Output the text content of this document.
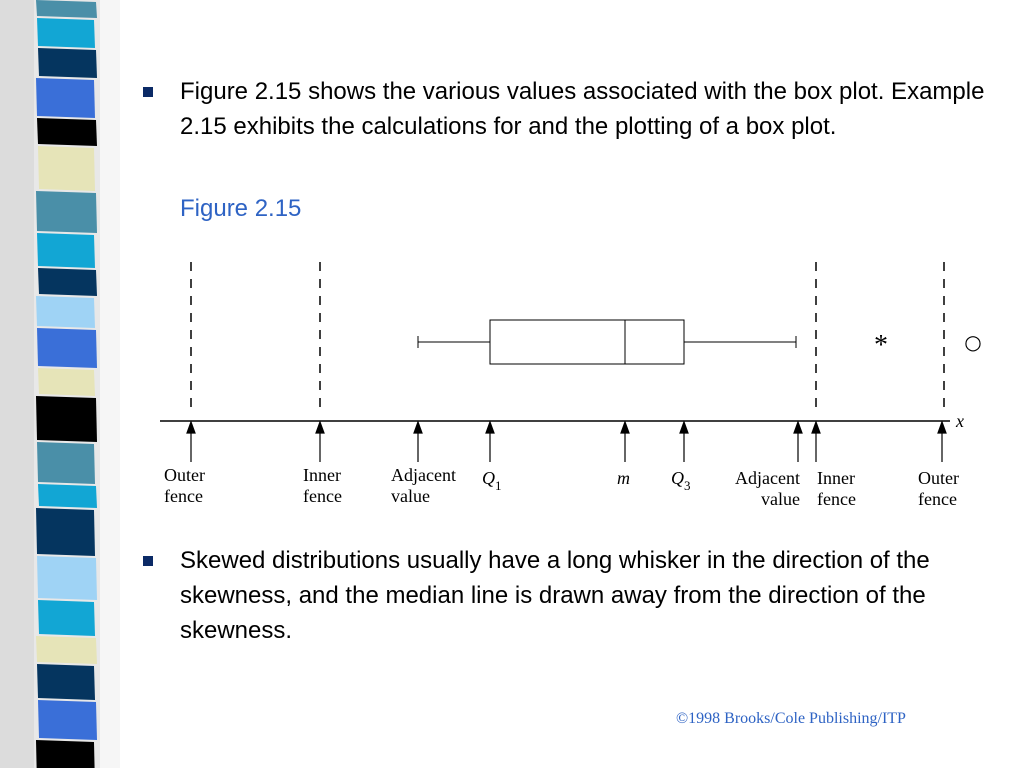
Figure 2.15 shows the various values associated with the box plot. Example 2.15 exhibits the calculations for and the plotting of a box plot.
Figure 2.15
*	○
x
Outer fence
Inner fence
Adjacent value
$Q_1$	m $Q_3$ Adjacent value
Inner fence
Outer fence
Skewed distributions usually have a long whisker in the direction of the skewness, and the median line is drawn away from the direction of the skewness.
©1998 Brooks/Cole Publishing/ITP
